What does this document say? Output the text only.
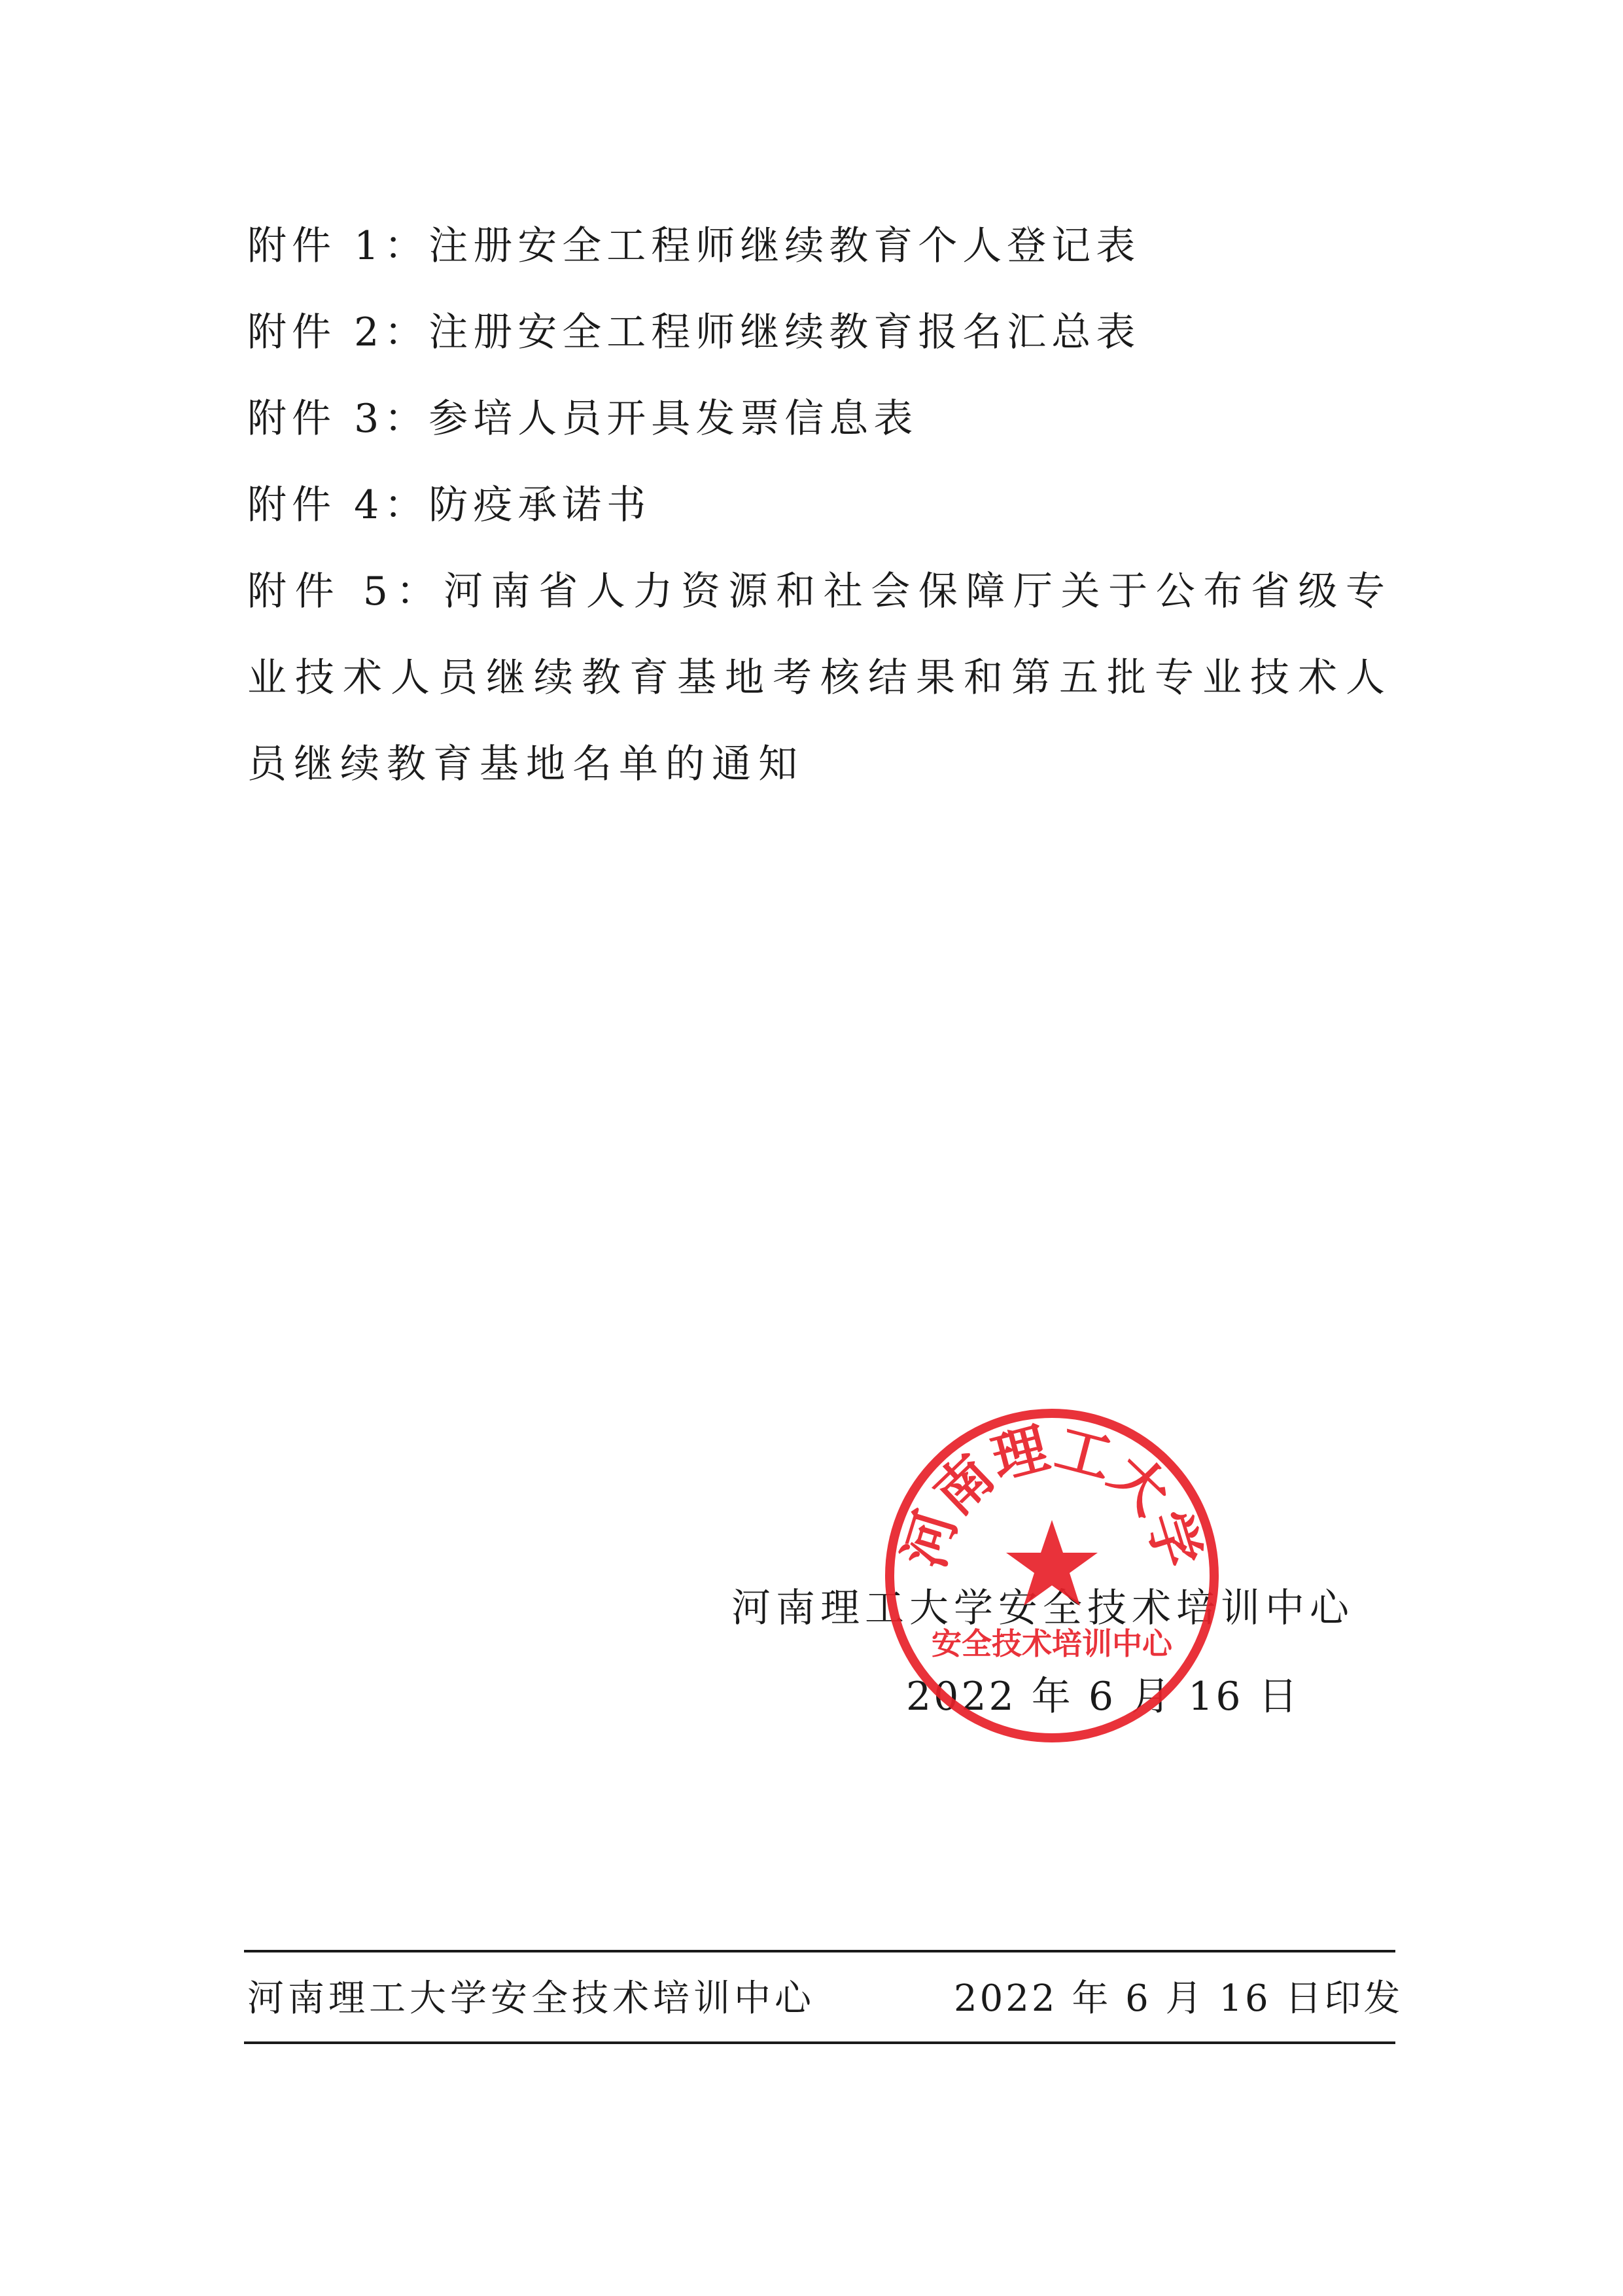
附件 1：注册安全工程师继续教育个人登记表
附件 2：注册安全工程师继续教育报名汇总表
附件 3：参培人员开具发票信息表
附件 4：防疫承诺书
附件 5：河南省人力资源和社会保障厅关于公布省级专业技术人员继续教育基地考核结果和第五批专业技术人员继续教育基地名单的通知
河南理工大学安全技术培训中心
2022 年 6 月 16 日
河南理工大学
安全技术培训中心
河南理工大学安全技术培训中心	2022 年 6 月 16 日印发
